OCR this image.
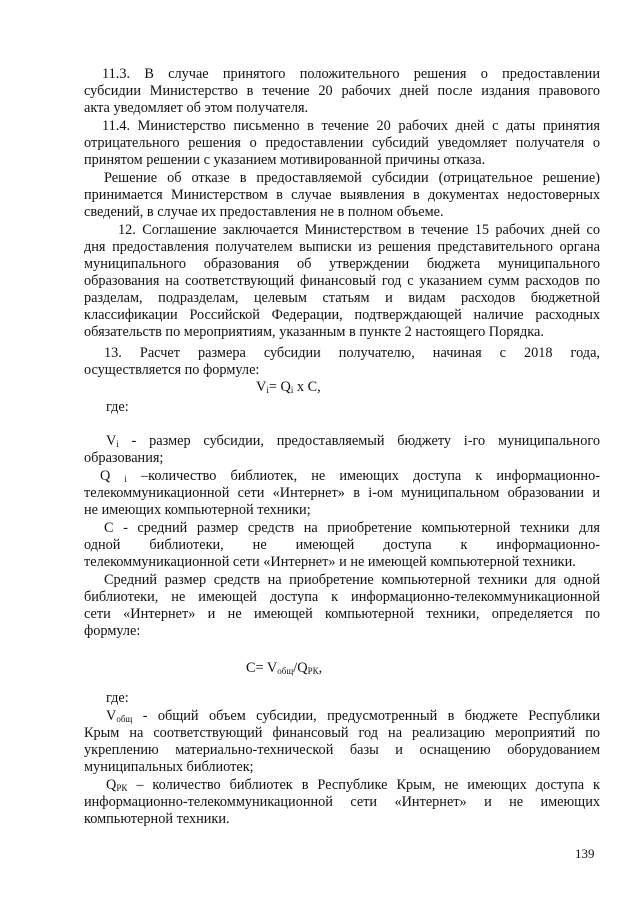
11.3. В случае принятого положительного решения о предоставлении
субсидии Министерство в течение 20 рабочих дней после издания правового
акта уведомляет об этом получателя.
11.4. Министерство письменно в течение 20 рабочих дней с даты принятия
отрицательного решения о предоставлении субсидий уведомляет получателя о
принятом решении с указанием мотивированной причины отказа.
Решение об отказе в предоставляемой субсидии (отрицательное решение)
принимается Министерством в случае выявления в документах недостоверных
сведений, в случае их предоставления не в полном объеме.
12. Соглашение заключается Министерством в течение 15 рабочих дней со
дня предоставления получателем выписки из решения представительного органа
муниципального образования об утверждении бюджета муниципального
образования на соответствующий финансовый год с указанием сумм расходов по
разделам, подразделам, целевым статьям и видам расходов бюджетной
классификации Российской Федерации, подтверждающей наличие расходных
обязательств по мероприятиям, указанным в пункте 2 настоящего Порядка.
13. Расчет размера субсидии получателю, начиная с 2018 года,
осуществляется по формуле:
$V_i= Q_i$ x C,
где:
$V_i$ - размер субсидии, предоставляемый бюджету i-го муниципального
образования;
Q $_i$ –количество библиотек, не имеющих доступа к информационно-
телекоммуникационной сети «Интернет» в i-ом муниципальном образовании и
не имеющих компьютерной техники;
С - средний размер средств на приобретение компьютерной техники для
одной библиотеки, не имеющей доступа к информационно-
телекоммуникационной сети «Интернет» и не имеющей компьютерной техники.
Средний размер средств на приобретение компьютерной техники для одной
библиотеки, не имеющей доступа к информационно-телекоммуникационной
сети «Интернет» и не имеющей компьютерной техники, определяется по
формуле:
$C= V_{общ}/Q_{РК}$,
где:
$V_{общ}$ - общий объем субсидии, предусмотренный в бюджете Республики
Крым на соответствующий финансовый год на реализацию мероприятий по
укреплению материально-технической базы и оснащению оборудованием
муниципальных библиотек;
$Q_{РК}$ – количество библиотек в Республике Крым, не имеющих доступа к
информационно-телекоммуникационной сети «Интернет» и не имеющих
компьютерной техники.
139
